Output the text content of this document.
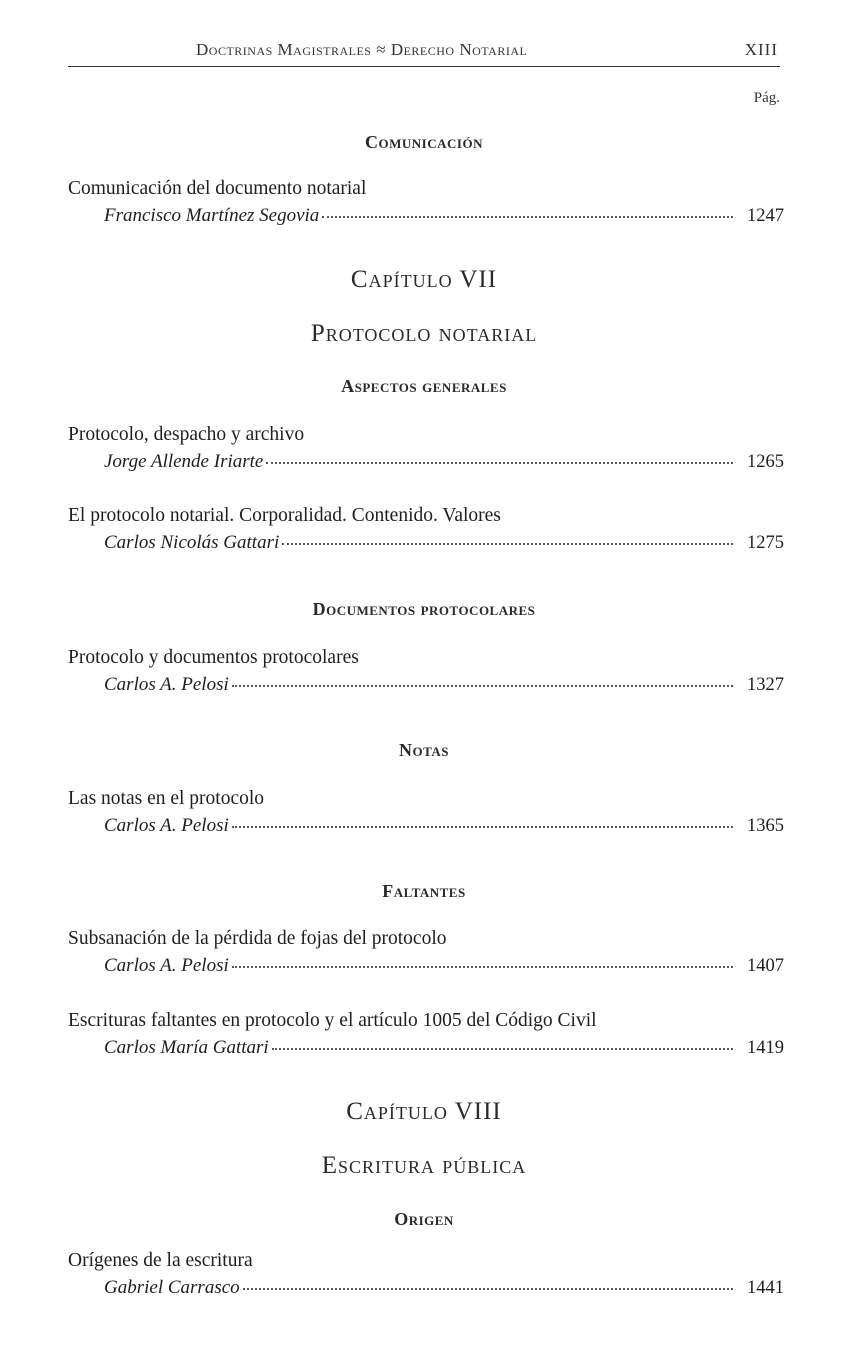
Doctrinas Magistrales ≈ Derecho Notarial	XIII
Pág.
Comunicación
Comunicación del documento notarial
Francisco Martínez Segovia	1247
Capítulo VII
Protocolo notarial
Aspectos generales
Protocolo, despacho y archivo
Jorge Allende Iriarte	1265
El protocolo notarial. Corporalidad. Contenido. Valores
Carlos Nicolás Gattari	1275
Documentos protocolares
Protocolo y documentos protocolares
Carlos A. Pelosi	1327
Notas
Las notas en el protocolo
Carlos A. Pelosi	1365
Faltantes
Subsanación de la pérdida de fojas del protocolo
Carlos A. Pelosi	1407
Escrituras faltantes en protocolo y el artículo 1005 del Código Civil
Carlos María Gattari	1419
Capítulo VIII
Escritura pública
Origen
Orígenes de la escritura
Gabriel Carrasco	1441
